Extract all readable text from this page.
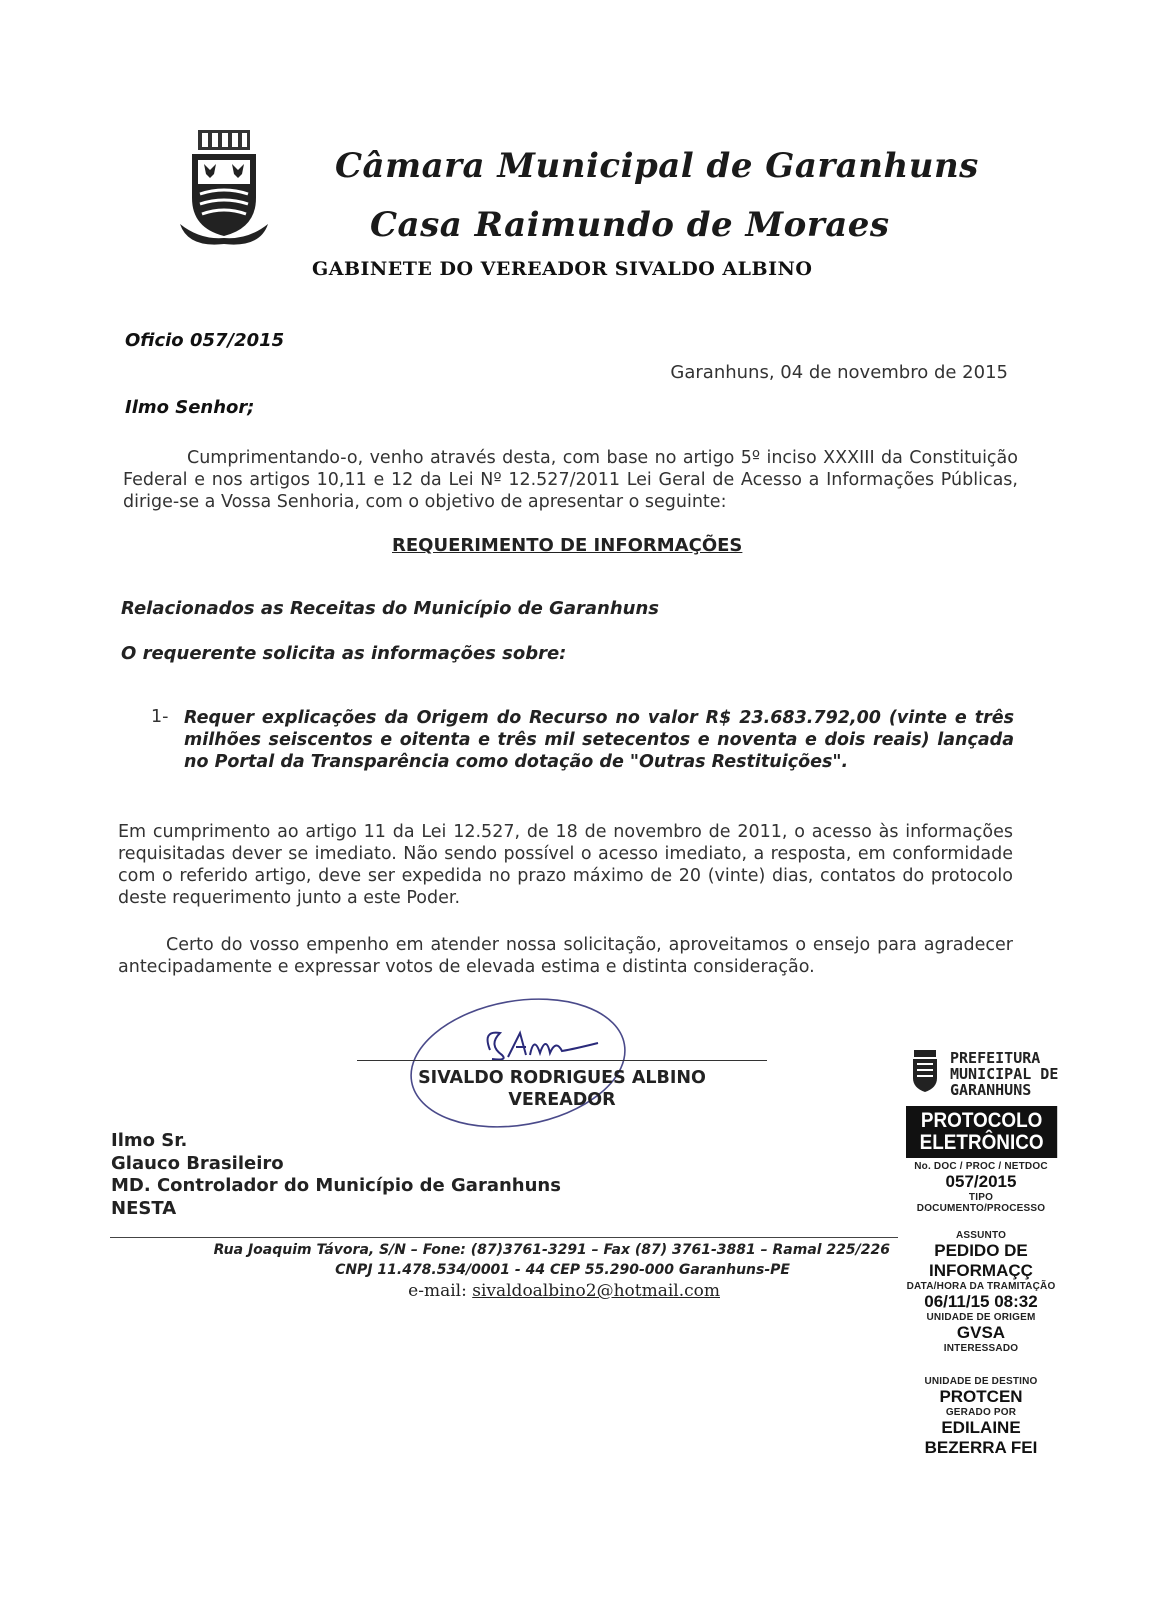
Câmara Municipal de Garanhuns
Casa Raimundo de Moraes
GABINETE DO VEREADOR SIVALDO ALBINO
Oficio 057/2015
Garanhuns, 04 de novembro de 2015
Ilmo Senhor;
Cumprimentando-o, venho através desta, com base no artigo 5º inciso XXXIII da Constituição Federal e nos artigos 10,11 e 12 da Lei Nº 12.527/2011 Lei Geral de Acesso a Informações Públicas, dirige-se a Vossa Senhoria, com o objetivo de apresentar o seguinte:
REQUERIMENTO DE INFORMAÇÕES
Relacionados as Receitas do Município de Garanhuns
O requerente solicita as informações sobre:
1- Requer explicações da Origem do Recurso no valor R$ 23.683.792,00 (vinte e três milhões seiscentos e oitenta e três mil setecentos e noventa e dois reais) lançada no Portal da Transparência como dotação de "Outras Restituições".
Em cumprimento ao artigo 11 da Lei 12.527, de 18 de novembro de 2011, o acesso às informações requisitadas dever se imediato. Não sendo possível o acesso imediato, a resposta, em conformidade com o referido artigo, deve ser expedida no prazo máximo de 20 (vinte) dias, contatos do protocolo deste requerimento junto a este Poder.
Certo do vosso empenho em atender nossa solicitação, aproveitamos o ensejo para agradecer antecipadamente e expressar votos de elevada estima e distinta consideração.
SIVALDO RODRIGUES ALBINO
VEREADOR
Ilmo Sr.
Glauco Brasileiro
MD. Controlador do Município de Garanhuns
NESTA
Rua Joaquim Távora, S/N – Fone: (87)3761-3291 – Fax (87) 3761-3881 – Ramal 225/226
CNPJ 11.478.534/0001 - 44 CEP 55.290-000 Garanhuns-PE
e-mail: sivaldoalbino2@hotmail.com
PREFEITURA
MUNICIPAL DE
GARANHUNS
PROTOCOLO
ELETRÔNICO
No. DOC / PROC / NETDOC
057/2015
TIPO DOCUMENTO/PROCESSO
ASSUNTO
PEDIDO DE INFORMAÇÇ
DATA/HORA DA TRAMITAÇÃO
06/11/15 08:32
UNIDADE DE ORIGEM
GVSA
INTERESSADO
UNIDADE DE DESTINO
PROTCEN
GERADO POR
EDILAINE BEZERRA FEI
